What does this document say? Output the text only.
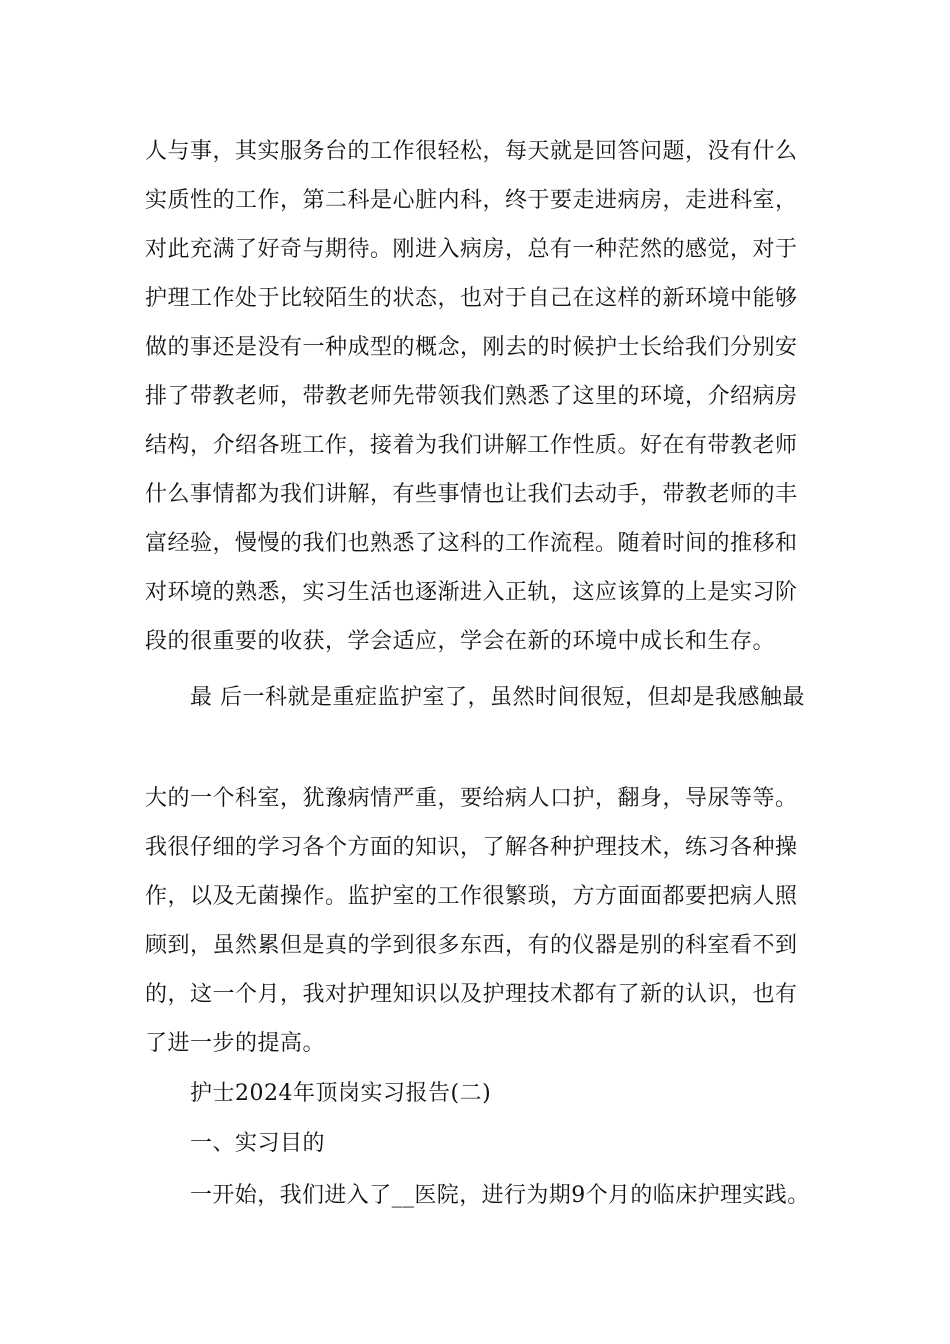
人与事，其实服务台的工作很轻松，每天就是回答问题，没有什么
实质性的工作，第二科是心脏内科，终于要走进病房，走进科室，
对此充满了好奇与期待。刚进入病房，总有一种茫然的感觉，对于
护理工作处于比较陌生的状态，也对于自己在这样的新环境中能够
做的事还是没有一种成型的概念，刚去的时候护士长给我们分别安
排了带教老师，带教老师先带领我们熟悉了这里的环境，介绍病房
结构，介绍各班工作，接着为我们讲解工作性质。好在有带教老师
什么事情都为我们讲解，有些事情也让我们去动手，带教老师的丰
富经验，慢慢的我们也熟悉了这科的工作流程。随着时间的推移和
对环境的熟悉，实习生活也逐渐进入正轨，这应该算的上是实习阶
段的很重要的收获，学会适应，学会在新的环境中成长和生存。
最 后一科就是重症监护室了，虽然时间很短，但却是我感触最
大的一个科室，犹豫病情严重，要给病人口护，翻身，导尿等等。
我很仔细的学习各个方面的知识，了解各种护理技术，练习各种操
作，以及无菌操作。监护室的工作很繁琐，方方面面都要把病人照
顾到，虽然累但是真的学到很多东西，有的仪器是别的科室看不到
的，这一个月，我对护理知识以及护理技术都有了新的认识，也有
了进一步的提高。
护士2024年顶岗实习报告(二)
一、实习目的
一开始，我们进入了__医院，进行为期9个月的临床护理实践。
